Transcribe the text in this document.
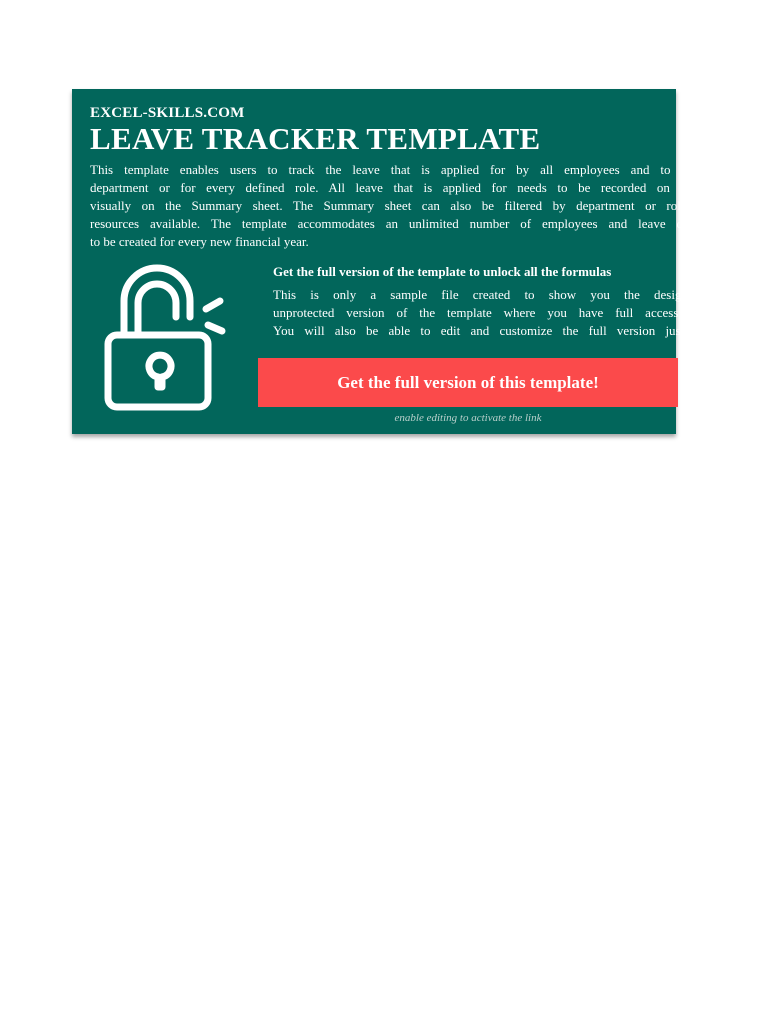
EXCEL-SKILLS.COM
LEAVE TRACKER TEMPLATE
This template enables users to track the leave that is applied for by all employees and to ensure t
department or for every defined role. All leave that is applied for needs to be recorded on an indiv
visually on the Summary sheet. The Summary sheet can also be filtered by department or role to de
resources available. The template accommodates an unlimited number of employees and leave dates wh
to be created for every new financial year.
Get the full version of the template to unlock all the formulas
This is only a sample file created to show you the design of the
unprotected version of the template where you have full access to all a
You will also be able to edit and customize the full version just like any
Get the full version of this template!
enable editing to activate the link
